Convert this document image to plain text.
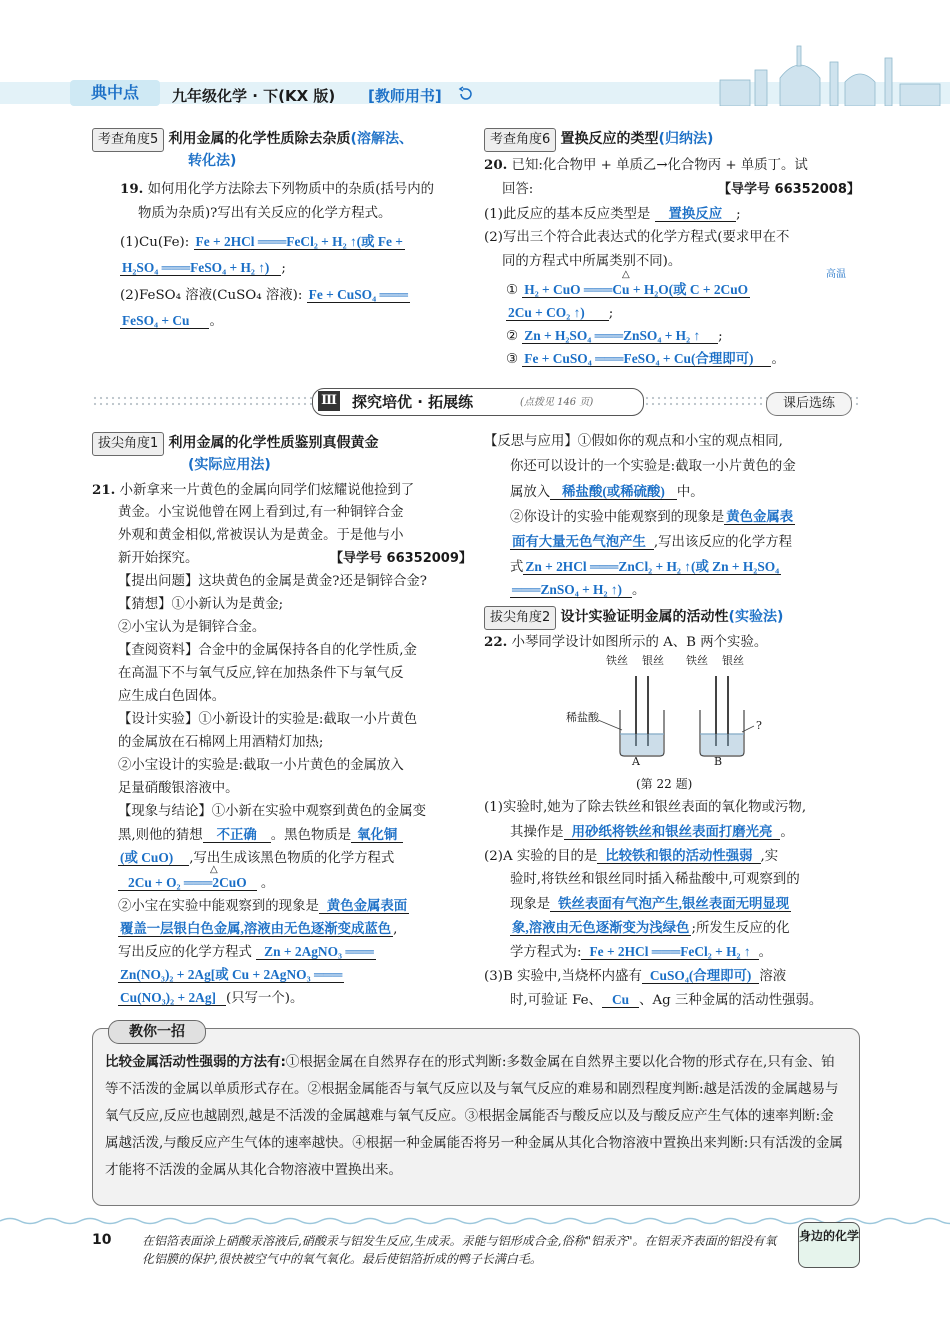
典中点	九年级化学 · 下(KX 版) [教师用书]
考查角度5 利用金属的化学性质除去杂质(溶解法、
转化法)
19. 如何用化学方法除去下列物质中的杂质(括号内的
物质为杂质)?写出有关反应的化学方程式。
(1)Cu(Fe): Fe + 2HCl ═══FeCl₂ + H₂ ↑(或 Fe +
H₂SO₄ ═══FeSO₄ + H₂ ↑) ;
(2)FeSO₄ 溶液(CuSO₄ 溶液): Fe + CuSO₄ ═══
FeSO₄ + Cu 。
考查角度6 置换反应的类型(归纳法)
20. 已知:化合物甲 + 单质乙→化合物丙 + 单质丁。试
回答:	【导学号 66352008】
(1)此反应的基本反应类型是 置换反应 ;
(2)写出三个符合此表达式的化学方程式(要求甲在不
同的方程式中所属类别不同)。
△	高温
① H₂ + CuO ═══Cu + H₂O(或 C + 2CuO
2Cu + CO₂ ↑) ;
② Zn + H₂SO₄ ═══ZnSO₄ + H₂ ↑ ;
③ Fe + CuSO₄ ═══FeSO₄ + Cu(合理即可) 。
Ⅲ 探究培优 · 拓展练	(点拨见 146 页)	课后选练
拔尖角度1 利用金属的化学性质鉴别真假黄金
(实际应用法)
21. 小新拿来一片黄色的金属向同学们炫耀说他捡到了
黄金。小宝说他曾在网上看到过,有一种铜锌合金
外观和黄金相似,常被误认为是黄金。于是他与小
新开始探究。	【导学号 66352009】
【提出问题】这块黄色的金属是黄金?还是铜锌合金?
【猜想】①小新认为是黄金;
②小宝认为是铜锌合金。
【查阅资料】合金中的金属保持各自的化学性质,金
在高温下不与氧气反应,锌在加热条件下与氧气反
应生成白色固体。
【设计实验】①小新设计的实验是:截取一小片黄色
的金属放在石棉网上用酒精灯加热;
②小宝设计的实验是:截取一小片黄色的金属放入
足量硝酸银溶液中。
【现象与结论】①小新在实验中观察到黄色的金属变
黑,则他的猜想 不正确 。黑色物质是 氧化铜
(或 CuO) ,写出生成该黑色物质的化学方程式
△
2Cu + O₂ ═══2CuO 。
②小宝在实验中能观察到的现象是 黄色金属表面
覆盖一层银白色金属,溶液由无色逐渐变成蓝色 ,
写出反应的化学方程式 Zn + 2AgNO₃ ═══
Zn(NO₃)₂ + 2Ag[或 Cu + 2AgNO₃ ═══
Cu(NO₃)₂ + 2Ag] (只写一个)。
【反思与应用】①假如你的观点和小宝的观点相同,
你还可以设计的一个实验是:截取一小片黄色的金
属放入 稀盐酸(或稀硫酸) 中。
②你设计的实验中能观察到的现象是 黄色金属表
面有大量无色气泡产生 ,写出该反应的化学方程
式 Zn + 2HCl ═══ZnCl₂ + H₂ ↑(或 Zn + H₂SO₄
═══ZnSO₄ + H₂ ↑) 。
拔尖角度2 设计实验证明金属的活动性(实验法)
22. 小琴同学设计如图所示的 A、B 两个实验。
铁丝 银丝 铁丝 银丝
稀盐酸
?
A	B
(第 22 题)
(1)实验时,她为了除去铁丝和银丝表面的氧化物或污物,
其操作是 用砂纸将铁丝和银丝表面打磨光亮 。
(2)A 实验的目的是 比较铁和银的活动性强弱 ,实
验时,将铁丝和银丝同时插入稀盐酸中,可观察到的
现象是 铁丝表面有气泡产生,银丝表面无明显现
象,溶液由无色逐渐变为浅绿色 ;所发生反应的化
学方程式为: Fe + 2HCl ═══FeCl₂ + H₂ ↑ 。
(3)B 实验中,当烧杯内盛有 CuSO₄(合理即可) 溶液
时,可验证 Fe、 Cu 、Ag 三种金属的活动性强弱。
比较金属活动性强弱的方法有:①根据金属在自然界存在的形式判断:多数金属在自然界主要以化合物的形式存在,只有金、铂等不活泼的金属以单质形式存在。②根据金属能否与氧气反应以及与氧气反应的难易和剧烈程度判断:越是活泼的金属越易与氧气反应,反应也越剧烈,越是不活泼的金属越难与氧气反应。③根据金属能否与酸反应以及与酸反应产生气体的速率判断:金属越活泼,与酸反应产生气体的速率越快。④根据一种金属能否将另一种金属从其化合物溶液中置换出来判断:只有活泼的金属才能将不活泼的金属从其化合物溶液中置换出来。
教你一招
10	在铝箔表面涂上硝酸汞溶液后,硝酸汞与铝发生反应,生成汞。汞能与铝形成合金,俗称"铝汞齐"。在铝汞齐表面的铝没有氧化铝膜的保护,很快被空气中的氧气氧化。最后使铝箔折成的鸭子长满白毛。
身边的化学
